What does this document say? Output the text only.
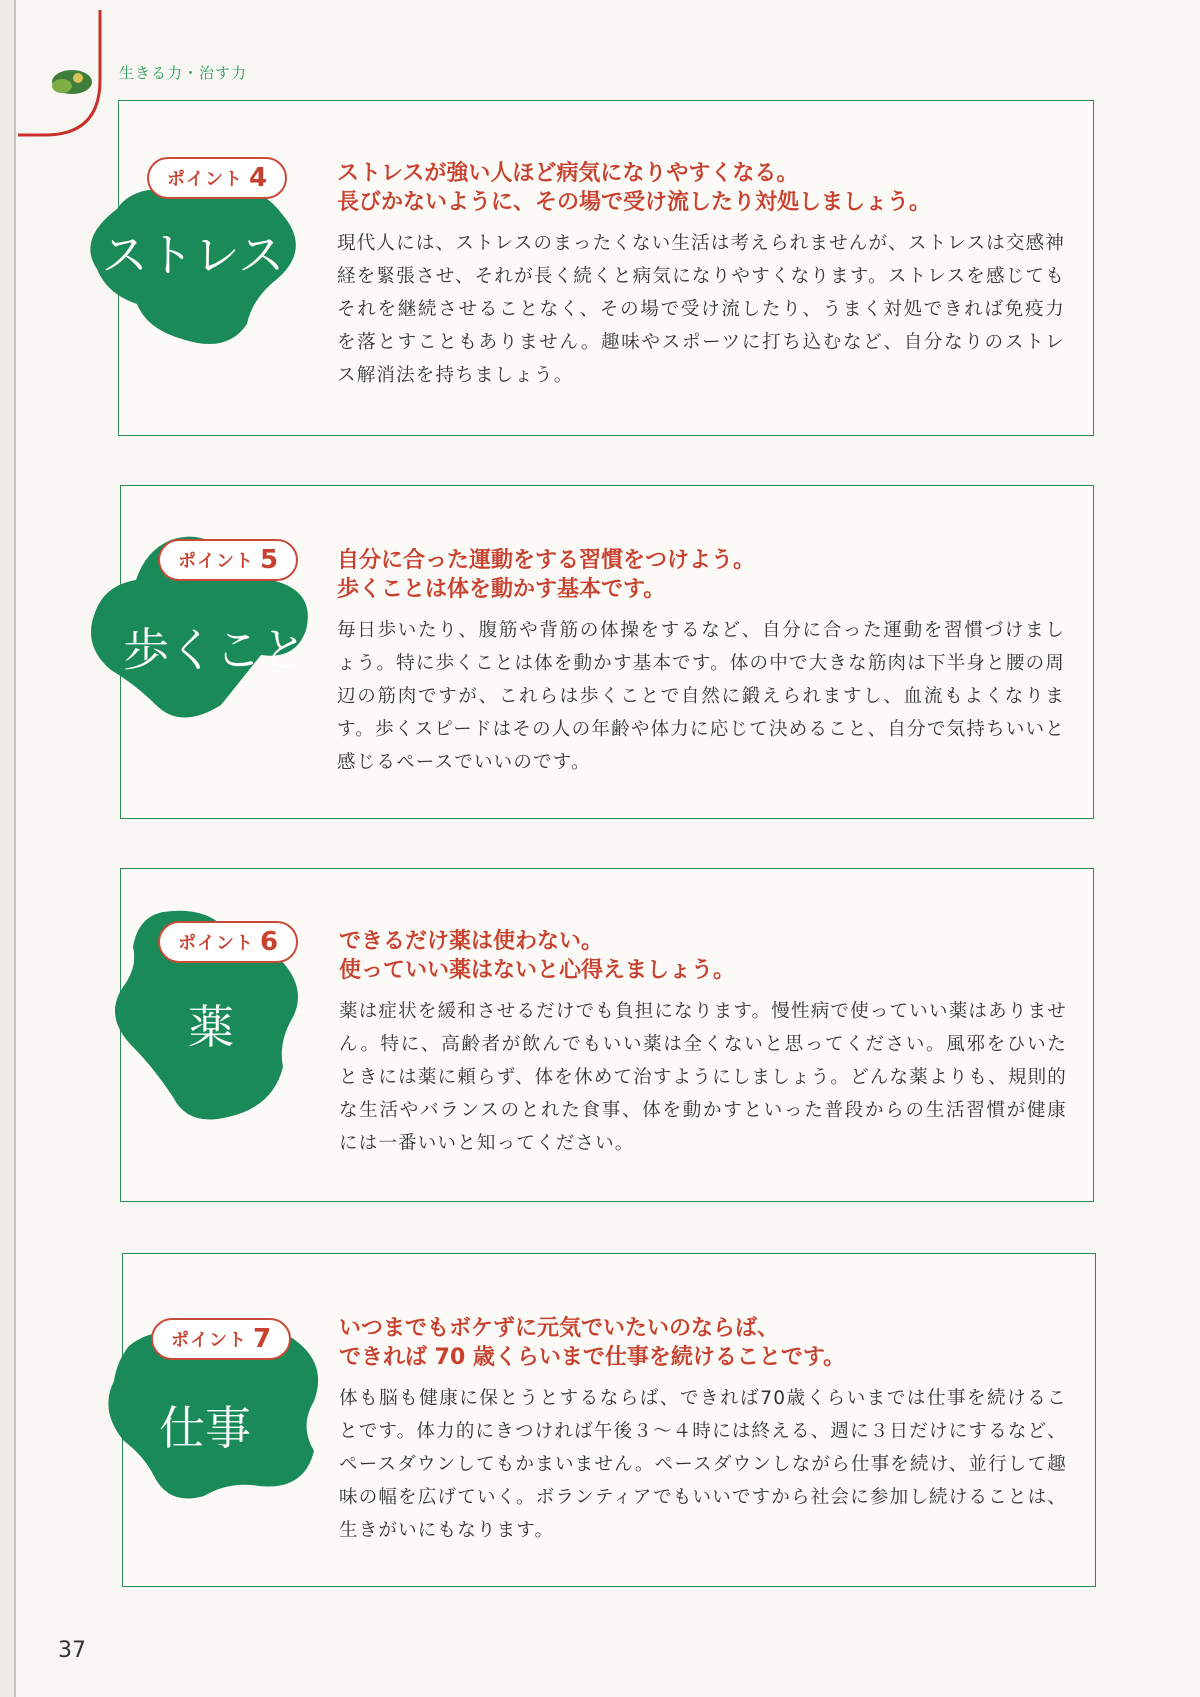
生きる力・治す力
ポイント 4
ストレス
ストレスが強い人ほど病気になりやすくなる。
長びかないように、その場で受け流したり対処しましょう。
現代人には、ストレスのまったくない生活は考えられませんが、ストレスは交感神経を緊張させ、それが長く続くと病気になりやすくなります。ストレスを感じてもそれを継続させることなく、その場で受け流したり、うまく対処できれば免疫力を落とすこともありません。趣味やスポーツに打ち込むなど、自分なりのストレス解消法を持ちましょう。
ポイント 5
歩くこと
自分に合った運動をする習慣をつけよう。
歩くことは体を動かす基本です。
毎日歩いたり、腹筋や背筋の体操をするなど、自分に合った運動を習慣づけましょう。特に歩くことは体を動かす基本です。体の中で大きな筋肉は下半身と腰の周辺の筋肉ですが、これらは歩くことで自然に鍛えられますし、血流もよくなります。歩くスピードはその人の年齢や体力に応じて決めること、自分で気持ちいいと感じるペースでいいのです。
ポイント 6
薬
できるだけ薬は使わない。
使っていい薬はないと心得えましょう。
薬は症状を緩和させるだけでも負担になります。慢性病で使っていい薬はありません。特に、高齢者が飲んでもいい薬は全くないと思ってください。風邪をひいたときには薬に頼らず、体を休めて治すようにしましょう。どんな薬よりも、規則的な生活やバランスのとれた食事、体を動かすといった普段からの生活習慣が健康には一番いいと知ってください。
ポイント 7
仕事
いつまでもボケずに元気でいたいのならば、
できれば 70 歳くらいまで仕事を続けることです。
体も脳も健康に保とうとするならば、できれば70歳くらいまでは仕事を続けることです。体力的にきつければ午後３～４時には終える、週に３日だけにするなど、ペースダウンしてもかまいません。ペースダウンしながら仕事を続け、並行して趣味の幅を広げていく。ボランティアでもいいですから社会に参加し続けることは、生きがいにもなります。
37
